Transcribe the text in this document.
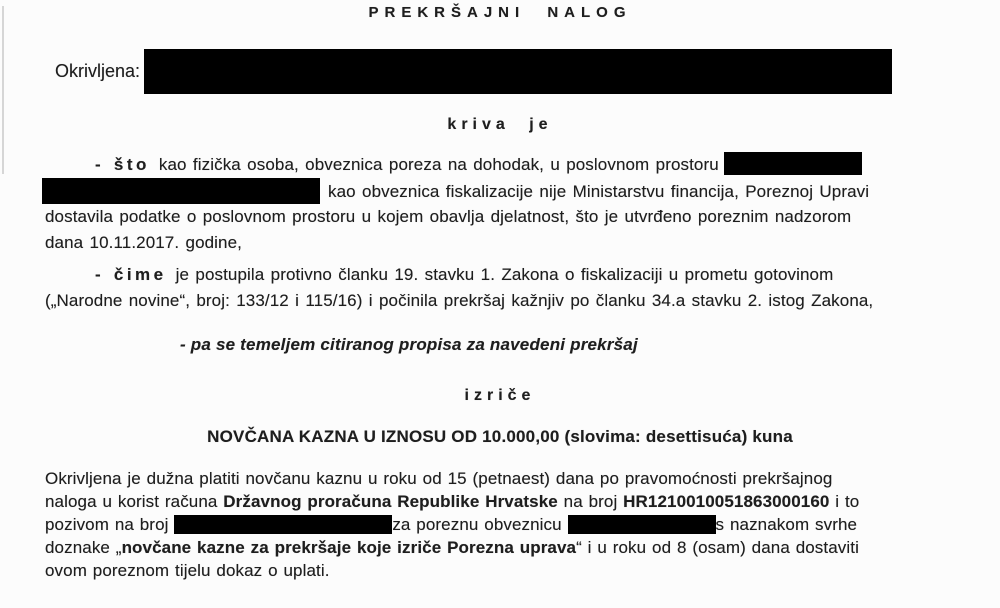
PREKRŠAJNI NALOG
Okrivljena:
kriva je
- što kao fizička osoba, obveznica poreza na dohodak, u poslovnom prostoru
kao obveznica fiskalizacije nije Ministarstvu financija, Poreznoj Upravi
dostavila podatke o poslovnom prostoru u kojem obavlja djelatnost, što je utvrđeno poreznim nadzorom
dana 10.11.2017. godine,
- čime je postupila protivno članku 19. stavku 1. Zakona o fiskalizaciji u prometu gotovinom
(„Narodne novine“, broj: 133/12 i 115/16) i počinila prekršaj kažnjiv po članku 34.a stavku 2. istog Zakona,
- pa se temeljem citiranog propisa za navedeni prekršaj
izriče
NOVČANA KAZNA U IZNOSU OD 10.000,00 (slovima: desettisuća) kuna
Okrivljena je dužna platiti novčanu kaznu u roku od 15 (petnaest) dana po pravomoćnosti prekršajnog
naloga u korist računa Državnog proračuna Republike Hrvatske na broj HR1210010051863000160 i to
pozivom na broj	za poreznu obveznicu	s naznakom svrhe
doznake „novčane kazne za prekršaje koje izriče Porezna uprava“ i u roku od 8 (osam) dana dostaviti
ovom poreznom tijelu dokaz o uplati.
